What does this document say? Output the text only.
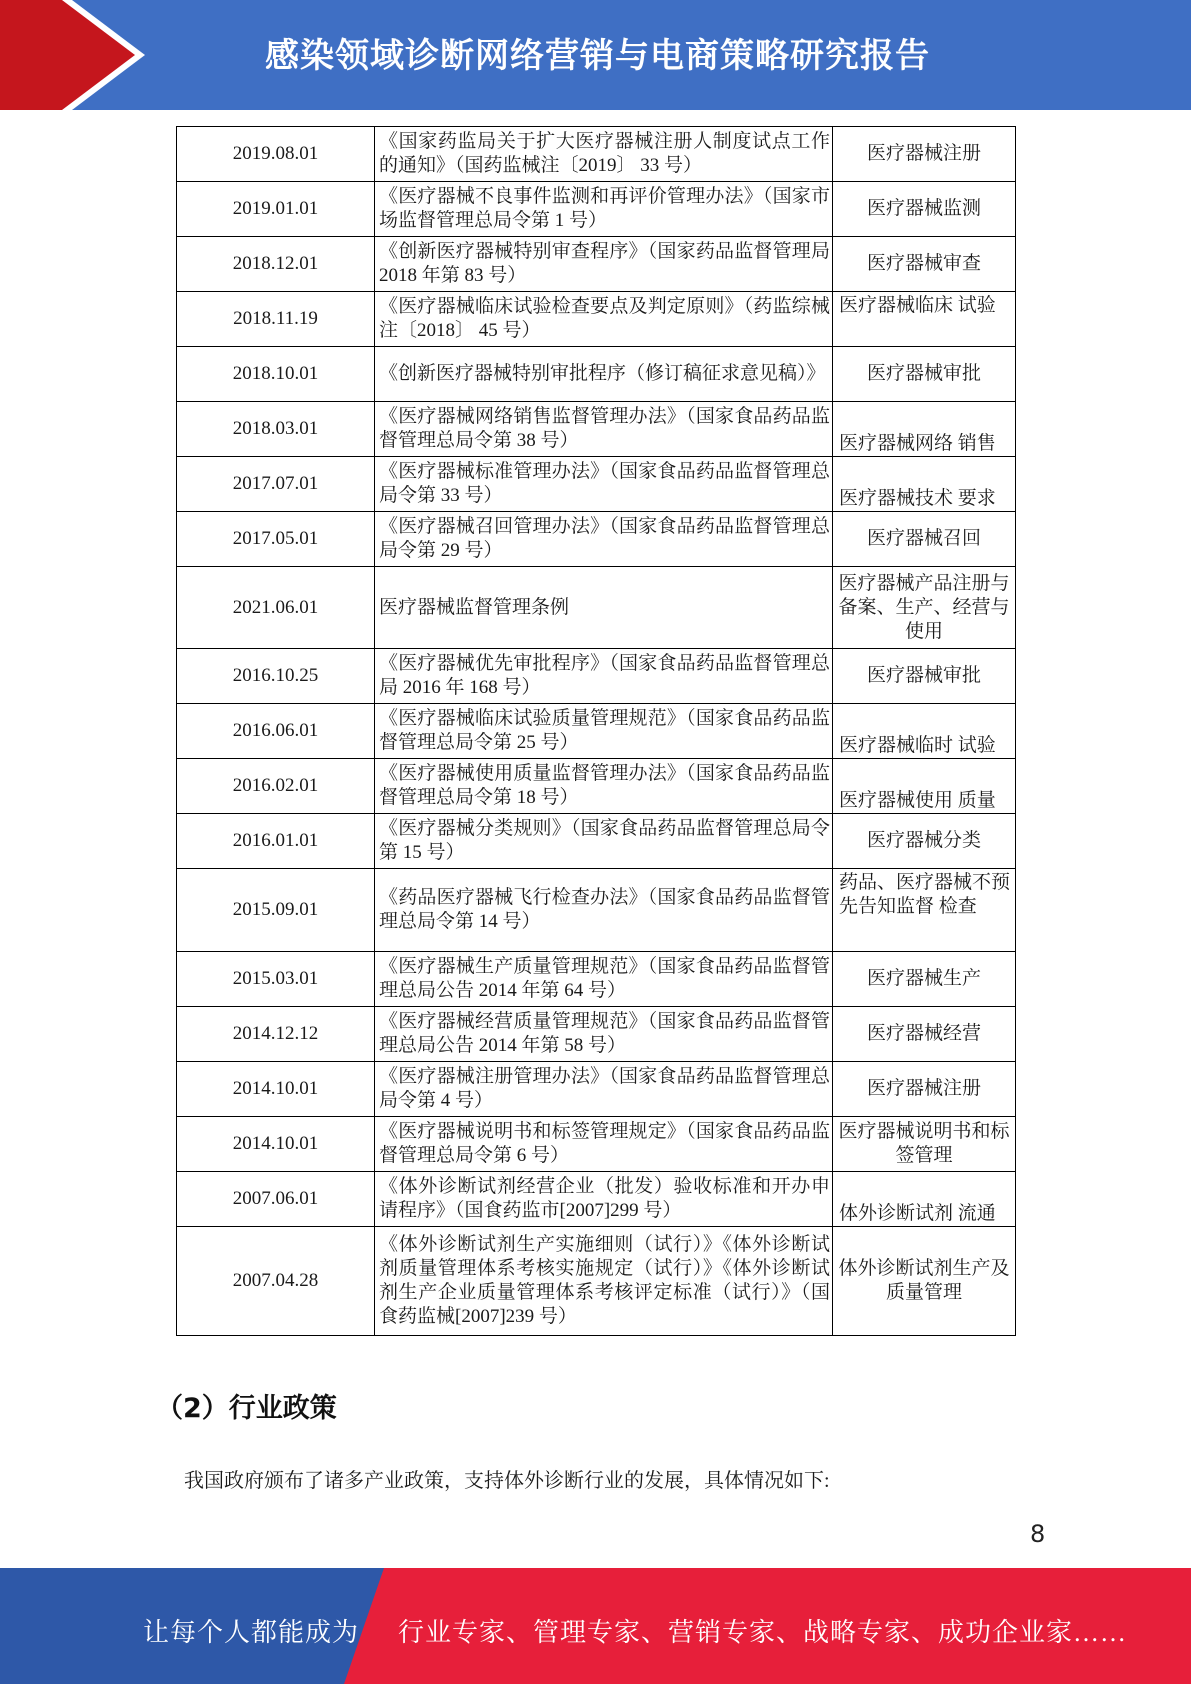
感染领域诊断网络营销与电商策略研究报告
2019.08.01	《国家药监局关于扩大医疗器械注册人制度试点工作的通知》（国药监械注〔2019〕 33 号）	医疗器械注册
2019.01.01	《医疗器械不良事件监测和再评价管理办法》（国家市场监督管理总局令第 1 号）	医疗器械监测
2018.12.01	《创新医疗器械特别审查程序》（国家药品监督管理局 2018 年第 83 号）	医疗器械审查
2018.11.19	《医疗器械临床试验检查要点及判定原则》（药监综械注〔2018〕 45 号）	医疗器械临床 试验
2018.10.01	《创新医疗器械特别审批程序（修订稿征求意见稿）》	医疗器械审批
2018.03.01	《医疗器械网络销售监督管理办法》（国家食品药品监督管理总局令第 38 号）	医疗器械网络 销售
2017.07.01	《医疗器械标准管理办法》（国家食品药品监督管理总局令第 33 号）	医疗器械技术 要求
2017.05.01	《医疗器械召回管理办法》（国家食品药品监督管理总局令第 29 号）	医疗器械召回
2021.06.01	医疗器械监督管理条例	医疗器械产品注册与备案、生产、经营与使用
2016.10.25	《医疗器械优先审批程序》（国家食品药品监督管理总局 2016 年 168 号）	医疗器械审批
2016.06.01	《医疗器械临床试验质量管理规范》（国家食品药品监督管理总局令第 25 号）	医疗器械临时 试验
2016.02.01	《医疗器械使用质量监督管理办法》（国家食品药品监督管理总局令第 18 号）	医疗器械使用 质量
2016.01.01	《医疗器械分类规则》（国家食品药品监督管理总局令第 15 号）	医疗器械分类
2015.09.01	《药品医疗器械飞行检查办法》（国家食品药品监督管理总局令第 14 号）	药品、医疗器械不预先告知监督 检查
2015.03.01	《医疗器械生产质量管理规范》（国家食品药品监督管理总局公告 2014 年第 64 号）	医疗器械生产
2014.12.12	《医疗器械经营质量管理规范》（国家食品药品监督管理总局公告 2014 年第 58 号）	医疗器械经营
2014.10.01	《医疗器械注册管理办法》（国家食品药品监督管理总局令第 4 号）	医疗器械注册
2014.10.01	《医疗器械说明书和标签管理规定》（国家食品药品监督管理总局令第 6 号）	医疗器械说明书和标签管理
2007.06.01	《体外诊断试剂经营企业（批发）验收标准和开办申请程序》（国食药监市[2007]299 号）	体外诊断试剂 流通
2007.04.28	《体外诊断试剂生产实施细则（试行）》《体外诊断试剂质量管理体系考核实施规定（试行）》《体外诊断试剂生产企业质量管理体系考核评定标准（试行）》（国食药监械[2007]239 号）	体外诊断试剂生产及质量管理
（2）行业政策
我国政府颁布了诸多产业政策，支持体外诊断行业的发展，具体情况如下:
8
让每个人都能成为 行业专家、管理专家、营销专家、战略专家、成功企业家……
